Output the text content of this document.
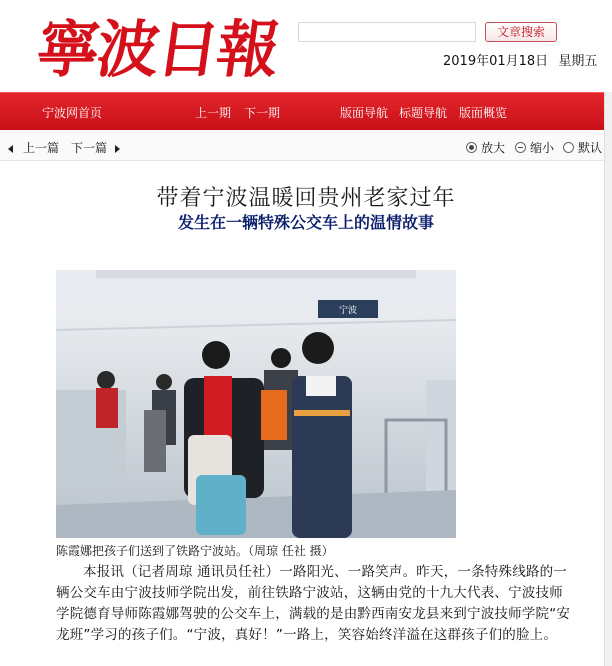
寧波日報	文章搜索
2019年01月18日 星期五
宁波网首页	上一期 下一期	版面导航 标题导航 版面概览
上一篇 下一篇	放大	缩小	默认
带着宁波温暖回贵州老家过年
发生在一辆特殊公交车上的温情故事
宁波
陈霞娜把孩子们送到了铁路宁波站。（周琼 任社 摄）

本报讯（记者周琼 通讯员任社）一路阳光、一路笑声。昨天，一条特殊线路的一辆公交车由宁波技师学院出发，前往铁路宁波站，这辆由党的十九大代表、宁波技师学院德育导师陈霞娜驾驶的公交车上，满载的是由黔西南安龙县来到宁波技师学院“安龙班”学习的孩子们。“宁波，真好！”一路上，笑容始终洋溢在这群孩子们的脸上。
